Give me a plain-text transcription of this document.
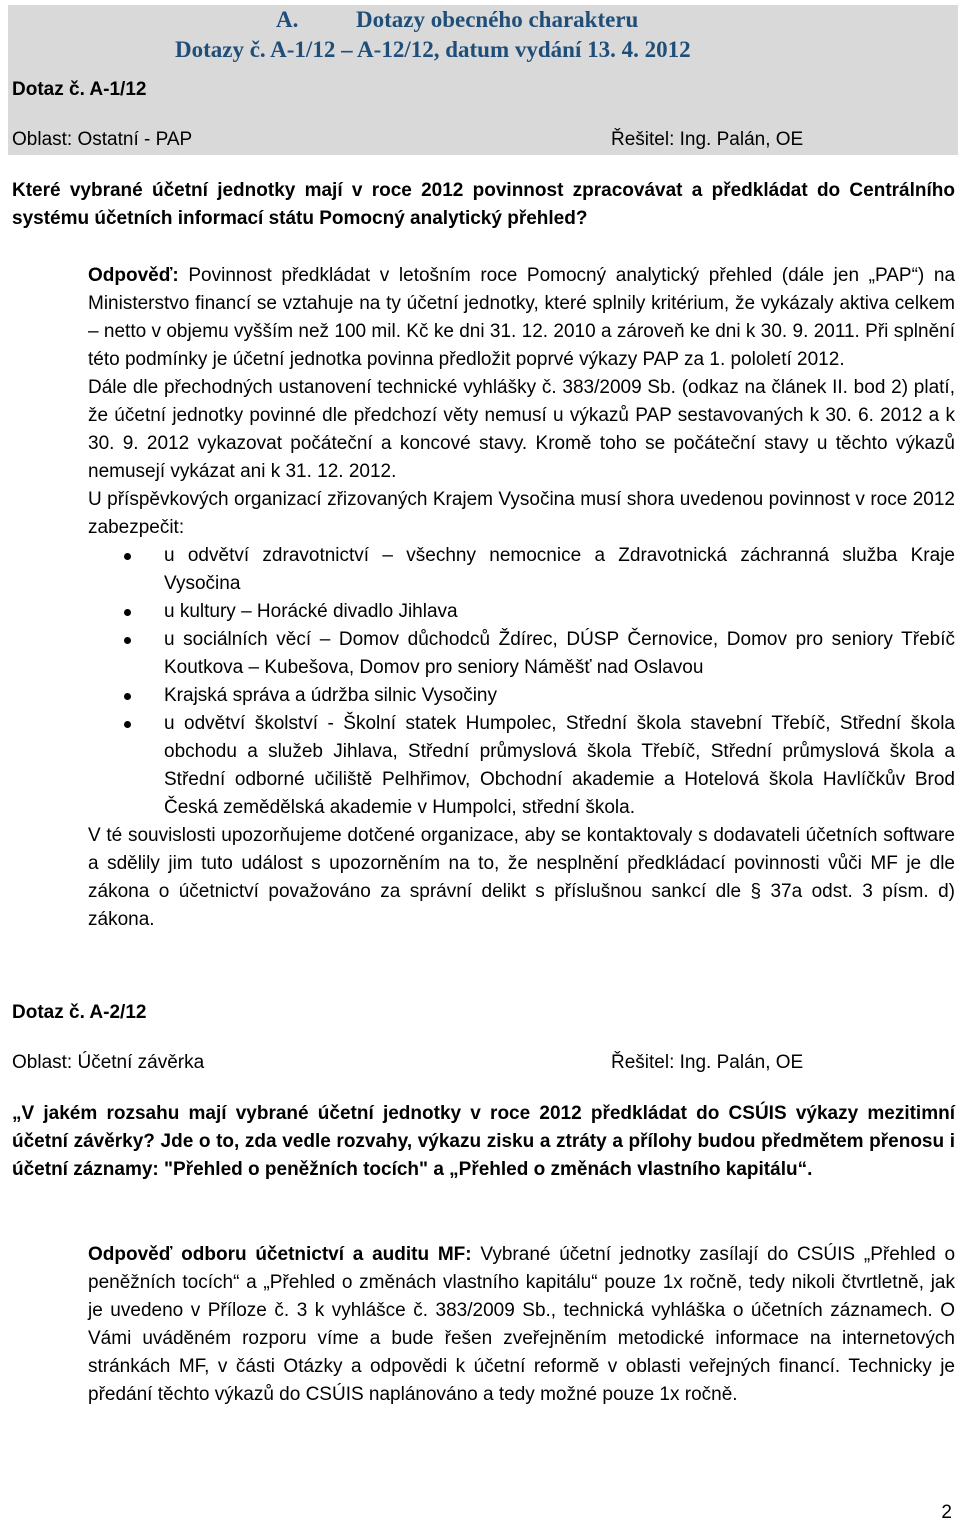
A.	Dotazy obecného charakteru
Dotazy č. A-1/12 – A-12/12, datum vydání 13. 4. 2012
Dotaz č. A-1/12
Oblast: Ostatní - PAP	Řešitel: Ing. Palán, OE
Které vybrané účetní jednotky mají v roce 2012 povinnost zpracovávat a předkládat do Centrálního systému účetních informací státu Pomocný analytický přehled?

Odpověď: Povinnost předkládat v letošním roce Pomocný analytický přehled (dále jen „PAP“) na Ministerstvo financí se vztahuje na ty účetní jednotky, které splnily kritérium, že vykázaly aktiva celkem – netto v objemu vyšším než 100 mil. Kč ke dni 31. 12. 2010 a zároveň ke dni k 30. 9. 2011. Při splnění této podmínky je účetní jednotka povinna předložit poprvé výkazy PAP za 1. pololetí 2012.

Dále dle přechodných ustanovení technické vyhlášky č. 383/2009 Sb. (odkaz na článek II. bod 2) platí, že účetní jednotky povinné dle předchozí věty nemusí u výkazů PAP sestavovaných k 30. 6. 2012 a k 30. 9. 2012 vykazovat počáteční a koncové stavy. Kromě toho se počáteční stavy u těchto výkazů nemusejí vykázat ani k 31. 12. 2012.

U příspěvkových organizací zřizovaných Krajem Vysočina musí shora uvedenou povinnost v roce 2012 zabezpečit:

u odvětví zdravotnictví – všechny nemocnice a Zdravotnická záchranná služba Kraje Vysočina
u kultury – Horácké divadlo Jihlava
u sociálních věcí – Domov důchodců Ždírec, DÚSP Černovice, Domov pro seniory Třebíč Koutkova – Kubešova, Domov pro seniory Náměšť nad Oslavou
Krajská správa a údržba silnic Vysočiny
u odvětví školství - Školní statek Humpolec, Střední škola stavební Třebíč, Střední škola obchodu a služeb Jihlava, Střední průmyslová škola Třebíč, Střední průmyslová škola a Střední odborné učiliště Pelhřimov, Obchodní akademie a Hotelová škola Havlíčkův Brod Česká zemědělská akademie v Humpolci, střední škola.

V té souvislosti upozorňujeme dotčené organizace, aby se kontaktovaly s dodavateli účetních software a sdělily jim tuto událost s upozorněním na to, že nesplnění předkládací povinnosti vůči MF je dle zákona o účetnictví považováno za správní delikt s příslušnou sankcí dle § 37a odst. 3 písm. d) zákona.

Dotaz č. A-2/12
Oblast: Účetní závěrka	Řešitel: Ing. Palán, OE
„V jakém rozsahu mají vybrané účetní jednotky v roce 2012 předkládat do CSÚIS výkazy mezitimní účetní závěrky? Jde o to, zda vedle rozvahy, výkazu zisku a ztráty a přílohy budou předmětem přenosu i účetní záznamy: "Přehled o peněžních tocích" a „Přehled o změnách vlastního kapitálu“.

Odpověď odboru účetnictví a auditu MF: Vybrané účetní jednotky zasílají do CSÚIS „Přehled o peněžních tocích“ a „Přehled o změnách vlastního kapitálu“ pouze 1x ročně, tedy nikoli čtvrtletně, jak je uvedeno v Příloze č. 3 k vyhlášce č. 383/2009 Sb., technická vyhláška o účetních záznamech. O Vámi uváděném rozporu víme a bude řešen zveřejněním metodické informace na internetových stránkách MF, v části Otázky a odpovědi k účetní reformě v oblasti veřejných financí. Technicky je předání těchto výkazů do CSÚIS naplánováno a tedy možné pouze 1x ročně.

2
